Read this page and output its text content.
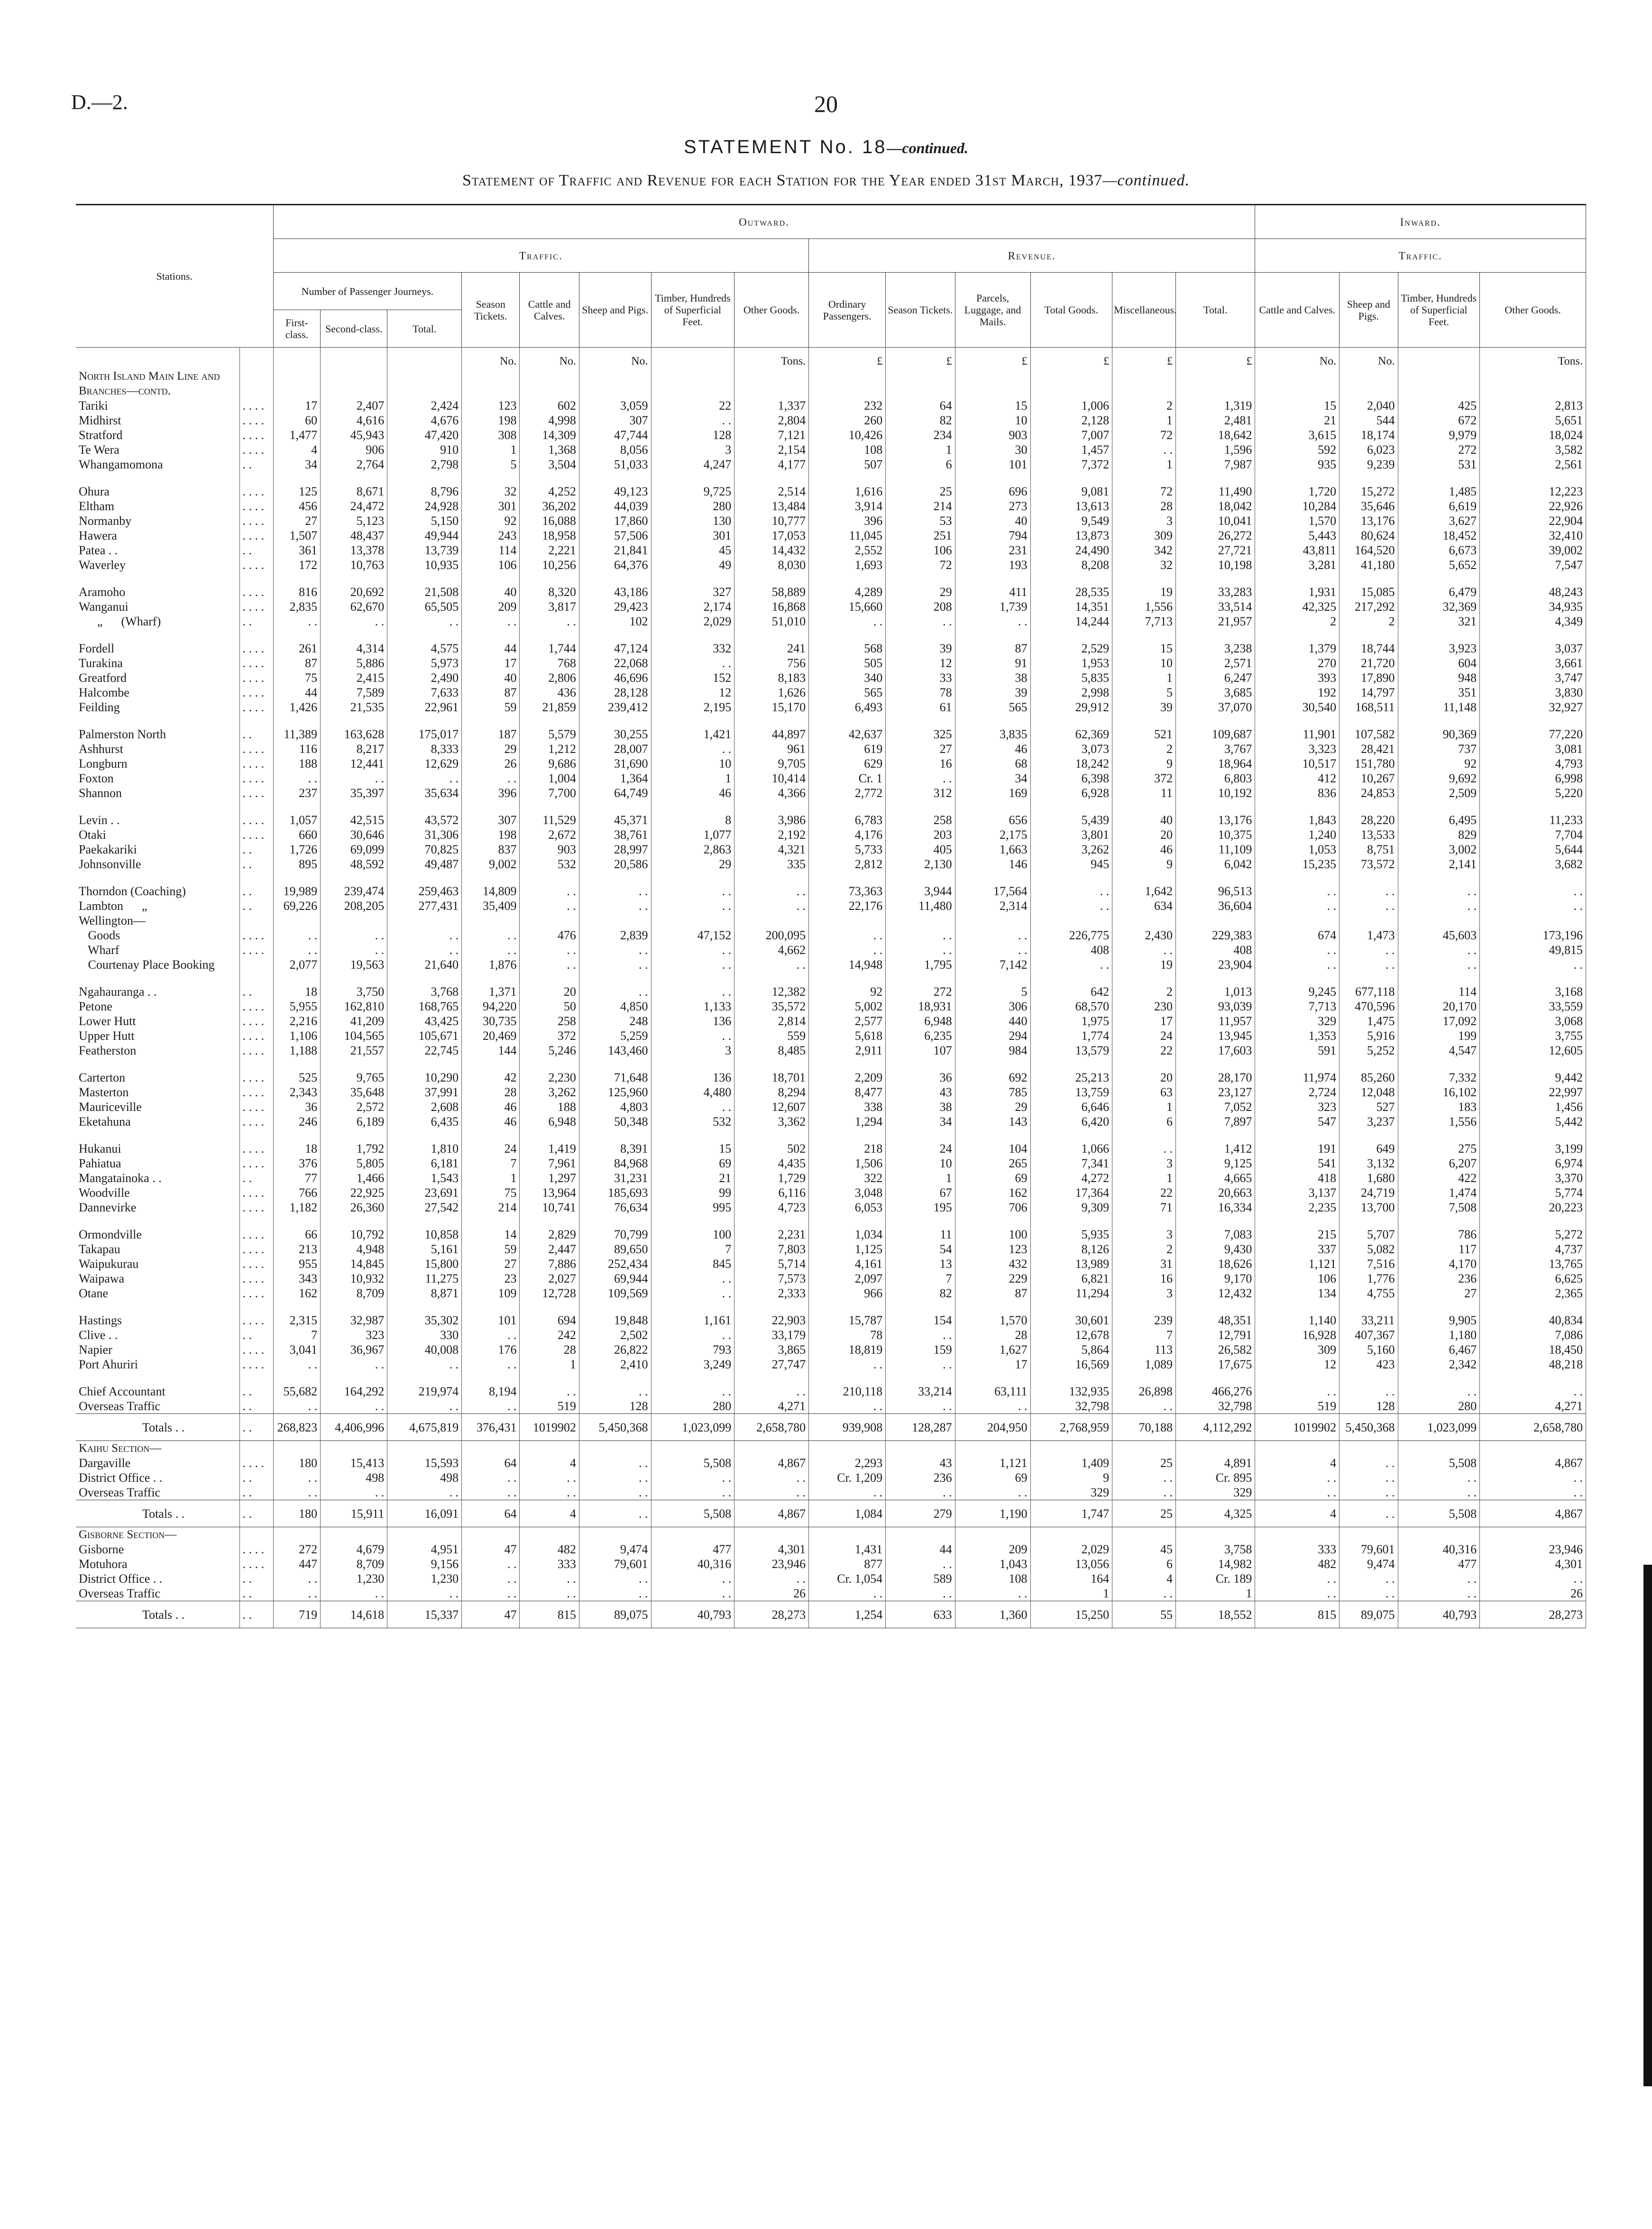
D.—2.	20
STATEMENT No. 18—continued.
Statement of Traffic and Revenue for each Station for the Year ended 31st March, 1937—continued.
Stations.		Outward.														Inward.			
		Traffic.								Revenue.						Traffic.			
		Number of Passenger Journeys.			Season Tickets.	Cattle and Calves.	Sheep and Pigs.	Timber, Hundreds of Superficial Feet.	Other Goods.	Ordinary Passengers.	Season Tickets.	Parcels, Luggage, and Mails.	Total Goods.	Miscellaneous.	Total.	Cattle and Calves.	Sheep and Pigs.	Timber, Hundreds of Superficial Feet.	Other Goods.
		First-class.	Second-class.	Total.															
					No.	No.	No.		Tons.	£	£	£	£	£	£	No.	No.		Tons.
North Island Main Line and Branches—contd.																			
Tariki	. . . .	17	2,407	2,424	123	602	3,059	22	1,337	232	64	15	1,006	2	1,319	15	2,040	425	2,813
Midhirst	. . . .	60	4,616	4,676	198	4,998	307	. .	2,804	260	82	10	2,128	1	2,481	21	544	672	5,651
Stratford	. . . .	1,477	45,943	47,420	308	14,309	47,744	128	7,121	10,426	234	903	7,007	72	18,642	3,615	18,174	9,979	18,024
Te Wera	. . . .	4	906	910	1	1,368	8,056	3	2,154	108	1	30	1,457	. .	1,596	592	6,023	272	3,582
Whangamomona	. .	34	2,764	2,798	5	3,504	51,033	4,247	4,177	507	6	101	7,372	1	7,987	935	9,239	531	2,561

Ohura	. . . .	125	8,671	8,796	32	4,252	49,123	9,725	2,514	1,616	25	696	9,081	72	11,490	1,720	15,272	1,485	12,223
Eltham	. . . .	456	24,472	24,928	301	36,202	44,039	280	13,484	3,914	214	273	13,613	28	18,042	10,284	35,646	6,619	22,926
Normanby	. . . .	27	5,123	5,150	92	16,088	17,860	130	10,777	396	53	40	9,549	3	10,041	1,570	13,176	3,627	22,904
Hawera	. . . .	1,507	48,437	49,944	243	18,958	57,506	301	17,053	11,045	251	794	13,873	309	26,272	5,443	80,624	18,452	32,410
Patea . .	. .	361	13,378	13,739	114	2,221	21,841	45	14,432	2,552	106	231	24,490	342	27,721	43,811	164,520	6,673	39,002
Waverley	. . . .	172	10,763	10,935	106	10,256	64,376	49	8,030	1,693	72	193	8,208	32	10,198	3,281	41,180	5,652	7,547

Aramoho	. . . .	816	20,692	21,508	40	8,320	43,186	327	58,889	4,289	29	411	28,535	19	33,283	1,931	15,085	6,479	48,243
Wanganui	. . . .	2,835	62,670	65,505	209	3,817	29,423	2,174	16,868	15,660	208	1,739	14,351	1,556	33,514	42,325	217,292	32,369	34,935
„      (Wharf)	. .	. .	. .	. .	. .	. .	102	2,029	51,010	. .	. .	. .	14,244	7,713	21,957	2	2	321	4,349

Fordell	. . . .	261	4,314	4,575	44	1,744	47,124	332	241	568	39	87	2,529	15	3,238	1,379	18,744	3,923	3,037
Turakina	. . . .	87	5,886	5,973	17	768	22,068	. .	756	505	12	91	1,953	10	2,571	270	21,720	604	3,661
Greatford	. . . .	75	2,415	2,490	40	2,806	46,696	152	8,183	340	33	38	5,835	1	6,247	393	17,890	948	3,747
Halcombe	. . . .	44	7,589	7,633	87	436	28,128	12	1,626	565	78	39	2,998	5	3,685	192	14,797	351	3,830
Feilding	. . . .	1,426	21,535	22,961	59	21,859	239,412	2,195	15,170	6,493	61	565	29,912	39	37,070	30,540	168,511	11,148	32,927

Palmerston North	. .	11,389	163,628	175,017	187	5,579	30,255	1,421	44,897	42,637	325	3,835	62,369	521	109,687	11,901	107,582	90,369	77,220
Ashhurst	. . . .	116	8,217	8,333	29	1,212	28,007	. .	961	619	27	46	3,073	2	3,767	3,323	28,421	737	3,081
Longburn	. . . .	188	12,441	12,629	26	9,686	31,690	10	9,705	629	16	68	18,242	9	18,964	10,517	151,780	92	4,793
Foxton	. . . .	. .	. .	. .	. .	1,004	1,364	1	10,414	Cr. 1	. .	34	6,398	372	6,803	412	10,267	9,692	6,998
Shannon	. . . .	237	35,397	35,634	396	7,700	64,749	46	4,366	2,772	312	169	6,928	11	10,192	836	24,853	2,509	5,220

Levin . .	. . . .	1,057	42,515	43,572	307	11,529	45,371	8	3,986	6,783	258	656	5,439	40	13,176	1,843	28,220	6,495	11,233
Otaki	. . . .	660	30,646	31,306	198	2,672	38,761	1,077	2,192	4,176	203	2,175	3,801	20	10,375	1,240	13,533	829	7,704
Paekakariki	. .	1,726	69,099	70,825	837	903	28,997	2,863	4,321	5,733	405	1,663	3,262	46	11,109	1,053	8,751	3,002	5,644
Johnsonville	. .	895	48,592	49,487	9,002	532	20,586	29	335	2,812	2,130	146	945	9	6,042	15,235	73,572	2,141	3,682

Thorndon (Coaching)	. .	19,989	239,474	259,463	14,809	. .	. .	. .	. .	73,363	3,944	17,564	. .	1,642	96,513	. .	. .	. .	. .
Lambton      „	. .	69,226	208,205	277,431	35,409	. .	. .	. .	. .	22,176	11,480	2,314	. .	634	36,604	. .	. .	. .	. .
Wellington—																			
Goods	. . . .	. .	. .	. .	. .	476	2,839	47,152	200,095	. .	. .	. .	226,775	2,430	229,383	674	1,473	45,603	173,196
Wharf	. . . .	. .	. .	. .	. .	. .	. .	. .	4,662	. .	. .	. .	408	. .	408	. .	. .	. .	49,815
Courtenay Place Booking		2,077	19,563	21,640	1,876	. .	. .	. .	. .	14,948	1,795	7,142	. .	19	23,904	. .	. .	. .	. .

Ngahauranga . .	. .	18	3,750	3,768	1,371	20	. .	. .	12,382	92	272	5	642	2	1,013	9,245	677,118	114	3,168
Petone	. . . .	5,955	162,810	168,765	94,220	50	4,850	1,133	35,572	5,002	18,931	306	68,570	230	93,039	7,713	470,596	20,170	33,559
Lower Hutt	. . . .	2,216	41,209	43,425	30,735	258	248	136	2,814	2,577	6,948	440	1,975	17	11,957	329	1,475	17,092	3,068
Upper Hutt	. . . .	1,106	104,565	105,671	20,469	372	5,259	. .	559	5,618	6,235	294	1,774	24	13,945	1,353	5,916	199	3,755
Featherston	. . . .	1,188	21,557	22,745	144	5,246	143,460	3	8,485	2,911	107	984	13,579	22	17,603	591	5,252	4,547	12,605

Carterton	. . . .	525	9,765	10,290	42	2,230	71,648	136	18,701	2,209	36	692	25,213	20	28,170	11,974	85,260	7,332	9,442
Masterton	. . . .	2,343	35,648	37,991	28	3,262	125,960	4,480	8,294	8,477	43	785	13,759	63	23,127	2,724	12,048	16,102	22,997
Mauriceville	. . . .	36	2,572	2,608	46	188	4,803	. .	12,607	338	38	29	6,646	1	7,052	323	527	183	1,456
Eketahuna	. . . .	246	6,189	6,435	46	6,948	50,348	532	3,362	1,294	34	143	6,420	6	7,897	547	3,237	1,556	5,442

Hukanui	. . . .	18	1,792	1,810	24	1,419	8,391	15	502	218	24	104	1,066	. .	1,412	191	649	275	3,199
Pahiatua	. . . .	376	5,805	6,181	7	7,961	84,968	69	4,435	1,506	10	265	7,341	3	9,125	541	3,132	6,207	6,974
Mangatainoka . .	. .	77	1,466	1,543	1	1,297	31,231	21	1,729	322	1	69	4,272	1	4,665	418	1,680	422	3,370
Woodville	. . . .	766	22,925	23,691	75	13,964	185,693	99	6,116	3,048	67	162	17,364	22	20,663	3,137	24,719	1,474	5,774
Dannevirke	. . . .	1,182	26,360	27,542	214	10,741	76,634	995	4,723	6,053	195	706	9,309	71	16,334	2,235	13,700	7,508	20,223

Ormondville	. . . .	66	10,792	10,858	14	2,829	70,799	100	2,231	1,034	11	100	5,935	3	7,083	215	5,707	786	5,272
Takapau	. . . .	213	4,948	5,161	59	2,447	89,650	7	7,803	1,125	54	123	8,126	2	9,430	337	5,082	117	4,737
Waipukurau	. . . .	955	14,845	15,800	27	7,886	252,434	845	5,714	4,161	13	432	13,989	31	18,626	1,121	7,516	4,170	13,765
Waipawa	. . . .	343	10,932	11,275	23	2,027	69,944	. .	7,573	2,097	7	229	6,821	16	9,170	106	1,776	236	6,625
Otane	. . . .	162	8,709	8,871	109	12,728	109,569	. .	2,333	966	82	87	11,294	3	12,432	134	4,755	27	2,365

Hastings	. . . .	2,315	32,987	35,302	101	694	19,848	1,161	22,903	15,787	154	1,570	30,601	239	48,351	1,140	33,211	9,905	40,834
Clive . .	. .	7	323	330	. .	242	2,502	. .	33,179	78	. .	28	12,678	7	12,791	16,928	407,367	1,180	7,086
Napier	. . . .	3,041	36,967	40,008	176	28	26,822	793	3,865	18,819	159	1,627	5,864	113	26,582	309	5,160	6,467	18,450
Port Ahuriri	. . . .	. .	. .	. .	. .	1	2,410	3,249	27,747	. .	. .	17	16,569	1,089	17,675	12	423	2,342	48,218

Chief Accountant	. .	55,682	164,292	219,974	8,194	. .	. .	. .	. .	210,118	33,214	63,111	132,935	26,898	466,276	. .	. .	. .	. .
Overseas Traffic	. .	. .	. .	. .	. .	519	128	280	4,271	. .	. .	. .	32,798	. .	32,798	519	128	280	4,271
Totals . .	. .	268,823	4,406,996	4,675,819	376,431	1019902	5,450,368	1,023,099	2,658,780	939,908	128,287	204,950	2,768,959	70,188	4,112,292	1019902	5,450,368	1,023,099	2,658,780
Kaihu Section—																			
Dargaville	. . . .	180	15,413	15,593	64	4	. .	5,508	4,867	2,293	43	1,121	1,409	25	4,891	4	. .	5,508	4,867
District Office . .	. .	. .	498	498	. .	. .	. .	. .	. .	Cr. 1,209	236	69	9	. .	Cr. 895	. .	. .	. .	. .
Overseas Traffic	. .	. .	. .	. .	. .	. .	. .	. .	. .	. .	. .	. .	329	. .	329	. .	. .	. .	. .
Totals . .	. .	180	15,911	16,091	64	4	. .	5,508	4,867	1,084	279	1,190	1,747	25	4,325	4	. .	5,508	4,867
Gisborne Section—																			
Gisborne	. . . .	272	4,679	4,951	47	482	9,474	477	4,301	1,431	44	209	2,029	45	3,758	333	79,601	40,316	23,946
Motuhora	. . . .	447	8,709	9,156	. .	333	79,601	40,316	23,946	877	. .	1,043	13,056	6	14,982	482	9,474	477	4,301
District Office . .	. .	. .	1,230	1,230	. .	. .	. .	. .	. .	Cr. 1,054	589	108	164	4	Cr. 189	. .	. .	. .	. .
Overseas Traffic	. .	. .	. .	. .	. .	. .	. .	. .	26	. .	. .	. .	1	. .	1	. .	. .	. .	26
Totals . .	. .	719	14,618	15,337	47	815	89,075	40,793	28,273	1,254	633	1,360	15,250	55	18,552	815	89,075	40,793	28,273
